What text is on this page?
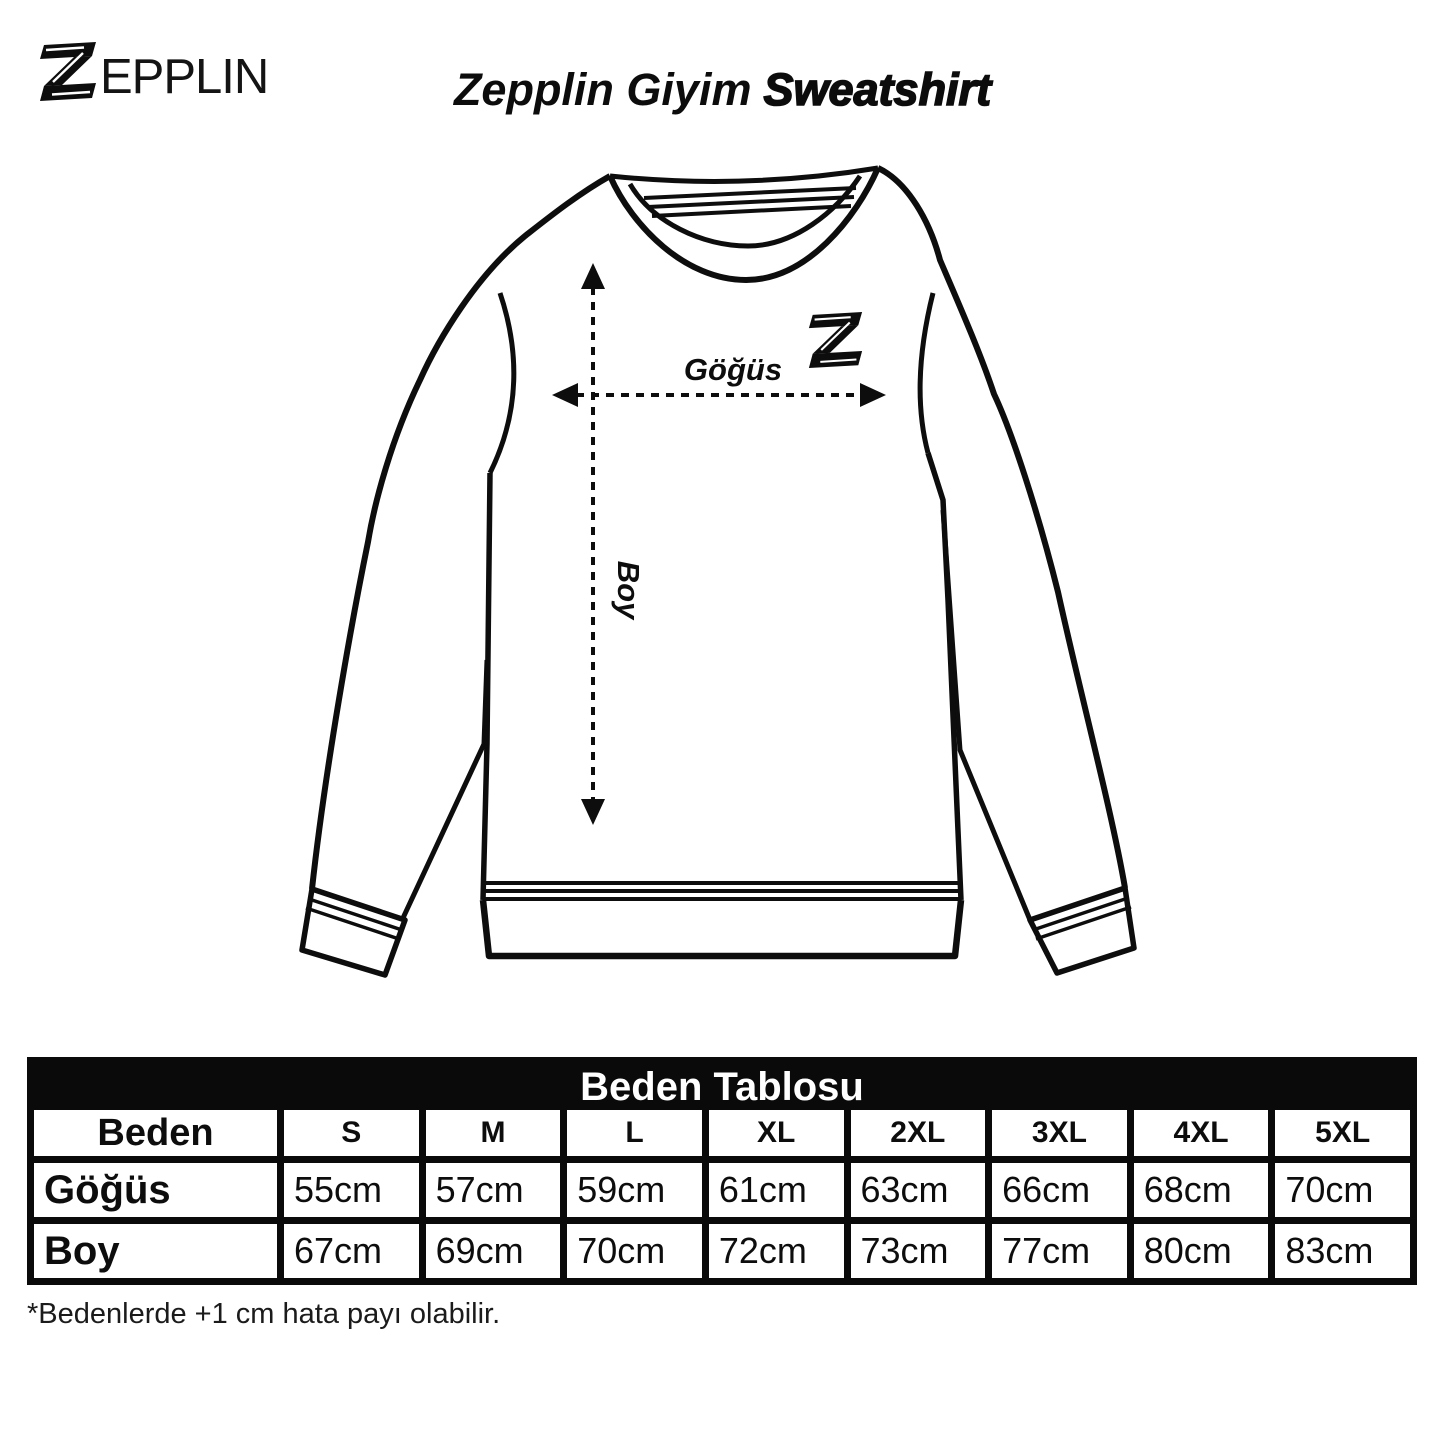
EPPLIN	Zepplin Giyim Sweatshirt
Göğüs
Boy
Beden Tablosu
Beden	S	M	L	XL	2XL	3XL	4XL	5XL
Göğüs	55cm	57cm	59cm	61cm	63cm	66cm	68cm	70cm
Boy	67cm	69cm	70cm	72cm	73cm	77cm	80cm	83cm
*Bedenlerde +1 cm hata payı olabilir.
